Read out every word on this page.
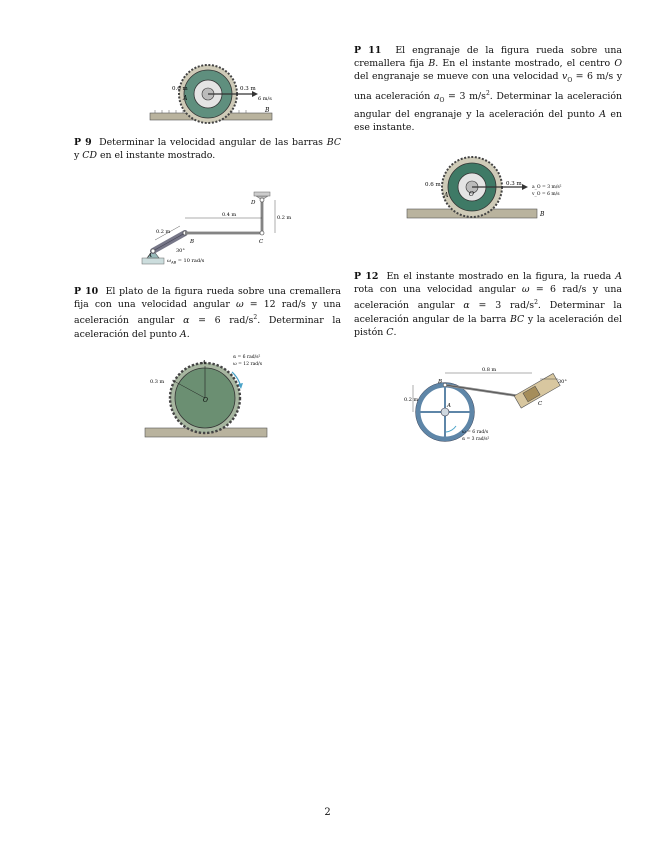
0.6 m	0.3 m
A
B
6 m/s
P 9 Determinar la velocidad angular de las barras BC y CD en el instante mostrado.
0.4 m	0.2 m
0.2 m
A
B	C
D
30°
$\omega_{AB} = 10$ rad/s
P 10 El plato de la figura rueda sobre una cremallera fija con una velocidad angular ω = 12 rad/s y una aceleración angular α = 6 rad/$s^2$. Determinar la aceleración del punto A.
0.3 m
A
O
α = 6 rad/s²
ω = 12 rad/s
P 11 El engranaje de la figura rueda sobre una cremallera fija B. En el instante mostrado, el centro O del engranaje se mueve con una velocidad $v_O = 6$ m/s y una aceleración $a_O = 3$ $m/s^2$. Determinar la aceleración angular del engranaje y la aceleración del punto A en ese instante.
0.6 m	0.3 m
A	O
B
a_O = 3 m/s²
v_O = 6 m/s
P 12 En el instante mostrado en la figura, la rueda A rota con una velocidad angular ω = 6 rad/s y una aceleración angular α = 3 rad/$s^2$. Determinar la aceleración angular de la barra BC y la aceleración del pistón C.
0.8 m
0.2 m
B
A	C
30°
ω = 6 rad/s
α = 3 rad/s²
2
